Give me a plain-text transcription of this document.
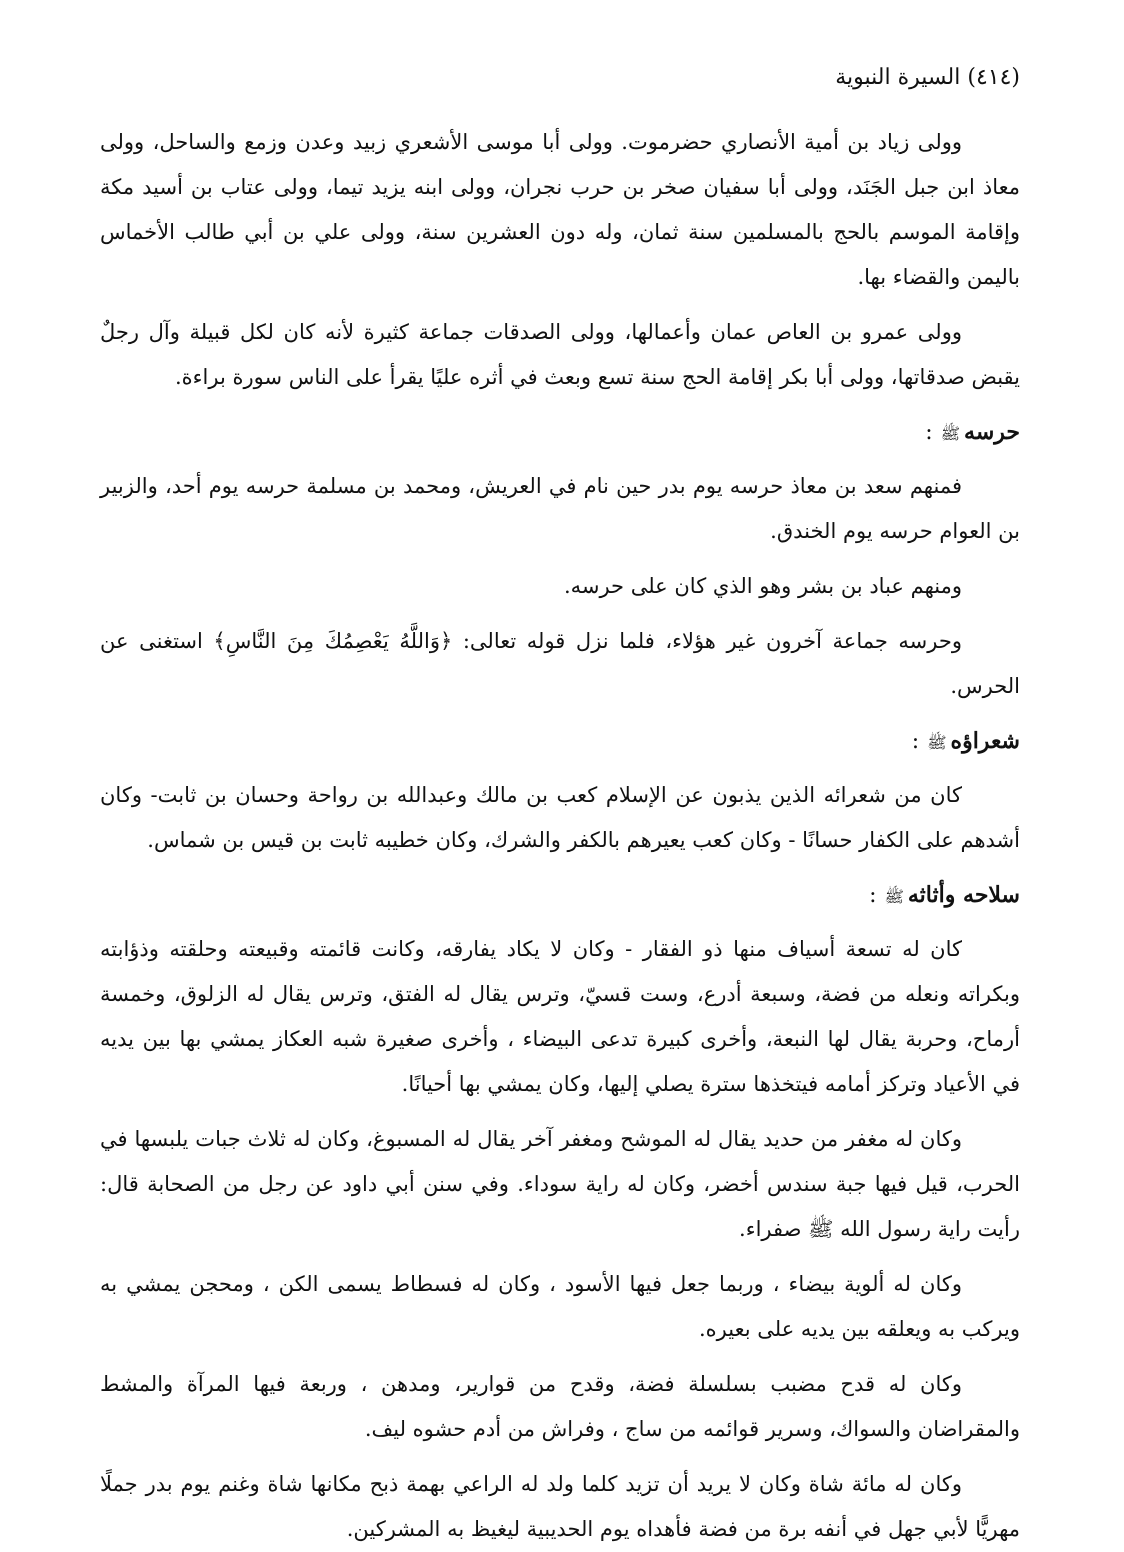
(٤١٤) السيرة النبوية

وولى زياد بن أمية الأنصاري حضرموت. وولى أبا موسى الأشعري زبيد وعدن وزمع والساحل، وولى معاذ ابن جبل الجَنَد، وولى أبا سفيان صخر بن حرب نجران، وولى ابنه يزيد تيما، وولى عتاب بن أسيد مكة وإقامة الموسم بالحج بالمسلمين سنة ثمان، وله دون العشرين سنة، وولى علي بن أبي طالب الأخماس باليمن والقضاء بها.

وولى عمرو بن العاص عمان وأعمالها، وولى الصدقات جماعة كثيرة لأنه كان لكل قبيلة وآل رجلٌ يقبض صدقاتها، وولى أبا بكر إقامة الحج سنة تسع وبعث في أثره عليًا يقرأ على الناس سورة براءة.

حرسهﷺ:

فمنهم سعد بن معاذ حرسه يوم بدر حين نام في العريش، ومحمد بن مسلمة حرسه يوم أحد، والزبير بن العوام حرسه يوم الخندق.

ومنهم عباد بن بشر وهو الذي كان على حرسه.

وحرسه جماعة آخرون غير هؤلاء، فلما نزل قوله تعالى: ﴿وَاللَّهُ يَعْصِمُكَ مِنَ النَّاسِ﴾ استغنى عن الحرس.

شعراؤهﷺ:

كان من شعرائه الذين يذبون عن الإسلام كعب بن مالك وعبدالله بن رواحة وحسان بن ثابت- وكان أشدهم على الكفار حسانًا - وكان كعب يعيرهم بالكفر والشرك، وكان خطيبه ثابت بن قيس بن شماس.

سلاحه وأثاثهﷺ:

كان له تسعة أسياف منها ذو الفقار - وكان لا يكاد يفارقه، وكانت قائمته وقبيعته وحلقته وذؤابته وبكراته ونعله من فضة، وسبعة أدرع، وست قسيّ، وترس يقال له الفتق، وترس يقال له الزلوق، وخمسة أرماح، وحربة يقال لها النبعة، وأخرى كبيرة تدعى البيضاء ، وأخرى صغيرة شبه العكاز يمشي بها بين يديه في الأعياد وتركز أمامه فيتخذها سترة يصلي إليها، وكان يمشي بها أحيانًا.

وكان له مغفر من حديد يقال له الموشح ومغفر آخر يقال له المسبوغ، وكان له ثلاث جبات يلبسها في الحرب، قيل فيها جبة سندس أخضر، وكان له راية سوداء. وفي سنن أبي داود عن رجل من الصحابة قال: رأيت راية رسول الله ﷺ صفراء.

وكان له ألوية بيضاء ، وربما جعل فيها الأسود ، وكان له فسطاط يسمى الكن ، ومحجن يمشي به ويركب به ويعلقه بين يديه على بعيره.

وكان له قدح مضبب بسلسلة فضة، وقدح من قوارير، ومدهن ، وربعة فيها المرآة والمشط والمقراضان والسواك، وسرير قوائمه من ساج ، وفراش من أدم حشوه ليف.

وكان له مائة شاة وكان لا يريد أن تزيد كلما ولد له الراعي بهمة ذبح مكانها شاة وغنم يوم بدر جملًا مهريًّا لأبي جهل في أنفه برة من فضة فأهداه يوم الحديبية ليغيظ به المشركين.
